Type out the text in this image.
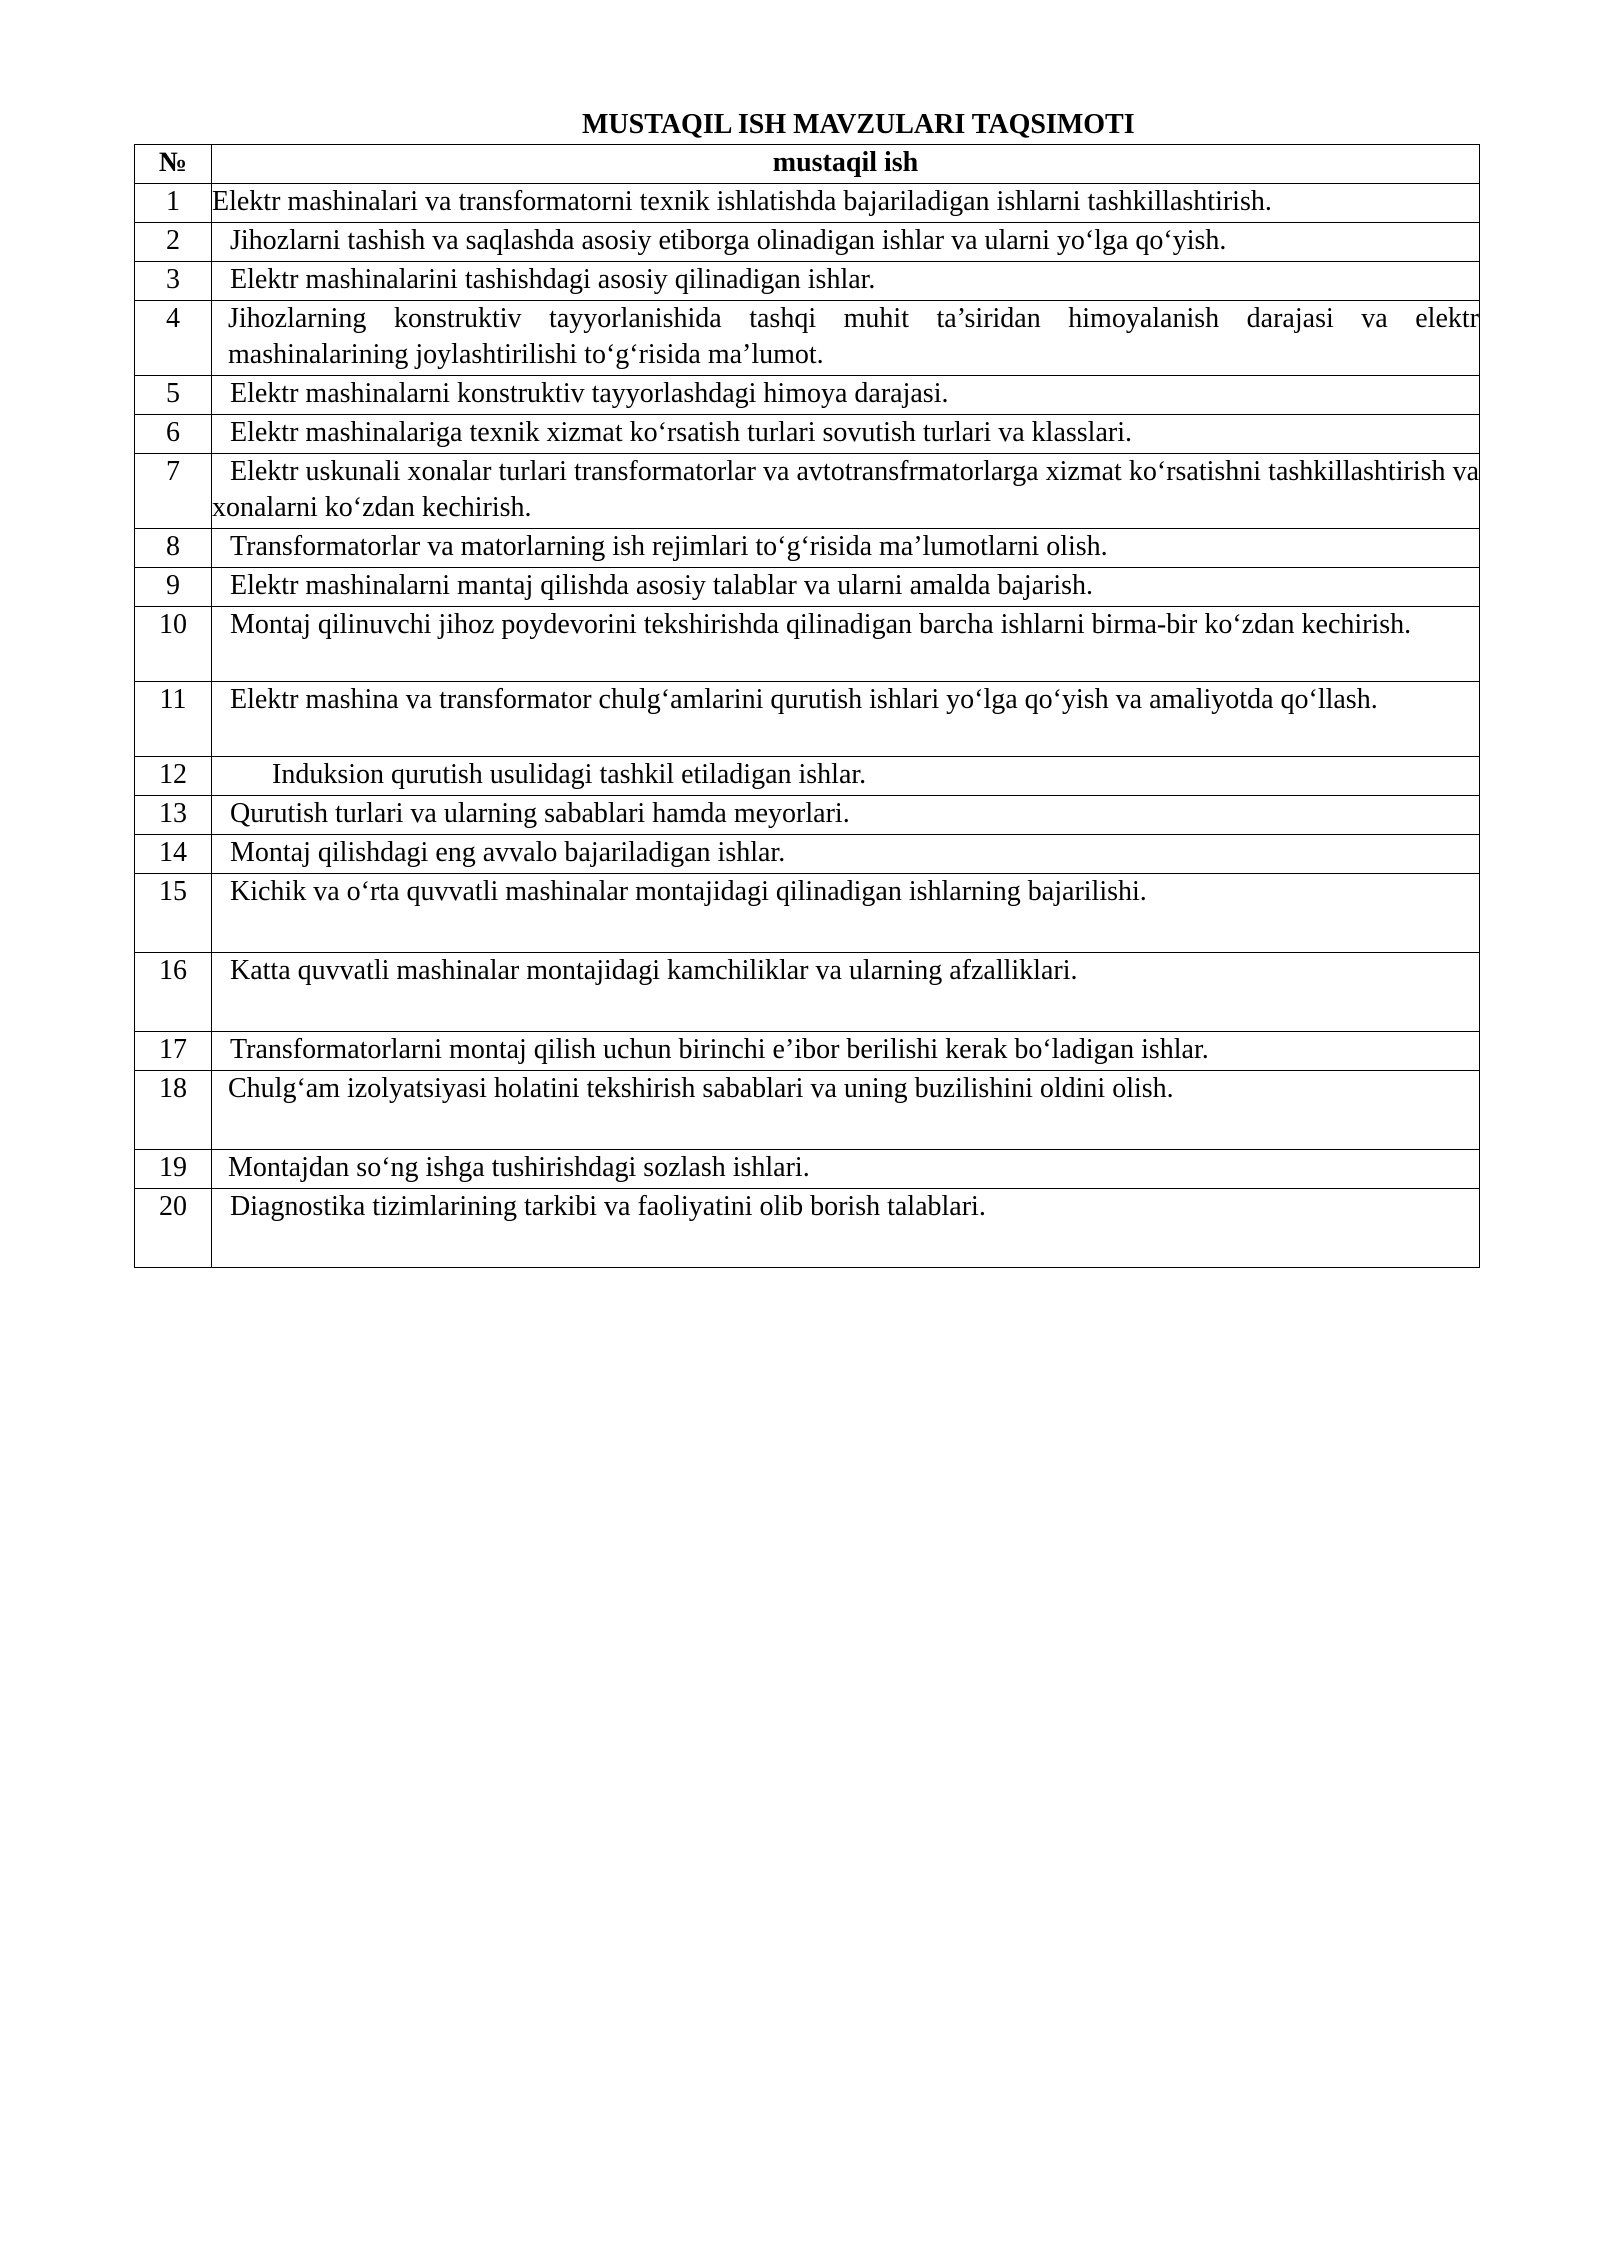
MUSTAQIL ISH MAVZULARI TAQSIMOTI
№	mustaqil ish
1	Elektr mashinalari va transformatorni texnik ishlatishda bajariladigan ishlarni tashkillashtirish.
2	Jihozlarni tashish va saqlashda asosiy etiborga olinadigan ishlar va ularni yo‘lga qo‘yish.
3	Elektr mashinalarini tashishdagi asosiy qilinadigan ishlar.
4	Jihozlarning konstruktiv tayyorlanishida tashqi muhit ta’siridan himoyalanish darajasi va elektr mashinalarining joylashtirilishi to‘g‘risida ma’lumot.
5	Elektr mashinalarni konstruktiv tayyorlashdagi himoya darajasi.
6	Elektr mashinalariga texnik xizmat ko‘rsatish turlari sovutish turlari va klasslari.
7	Elektr uskunali xonalar turlari transformatorlar va avtotransfrmatorlarga xizmat ko‘rsatishni tashkillashtirish va xonalarni ko‘zdan kechirish.
8	Transformatorlar va matorlarning ish rejimlari to‘g‘risida ma’lumotlarni olish.
9	Elektr mashinalarni mantaj qilishda asosiy talablar va ularni amalda bajarish.
10	Montaj qilinuvchi jihoz poydevorini tekshirishda qilinadigan barcha ishlarni birma-bir ko‘zdan kechirish.
11	Elektr mashina va transformator chulg‘amlarini qurutish ishlari yo‘lga qo‘yish va amaliyotda qo‘llash.
12	Induksion qurutish usulidagi tashkil etiladigan ishlar.
13	Qurutish turlari va ularning sabablari hamda meyorlari.
14	Montaj qilishdagi eng avvalo bajariladigan ishlar.
15	Kichik va o‘rta quvvatli mashinalar montajidagi qilinadigan ishlarning bajarilishi.
16	Katta quvvatli mashinalar montajidagi kamchiliklar va ularning afzalliklari.
17	Transformatorlarni montaj qilish uchun birinchi e’ibor berilishi kerak bo‘ladigan ishlar.
18	Chulg‘am izolyatsiyasi holatini tekshirish sabablari va uning buzilishini oldini olish.
19	Montajdan so‘ng ishga tushirishdagi sozlash ishlari.
20	Diagnostika tizimlarining tarkibi va faoliyatini olib borish talablari.
